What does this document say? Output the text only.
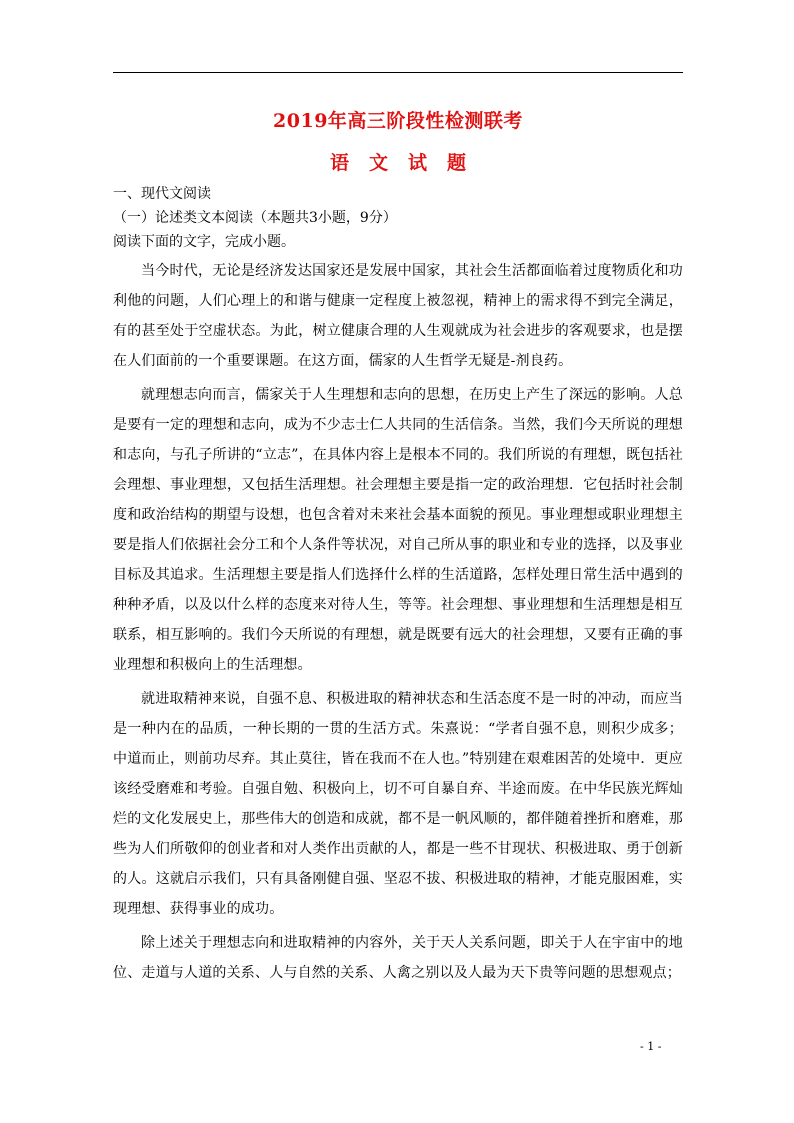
2019年高三阶段性检测联考
语文试题
一、现代文阅读
（一）论述类文本阅读（本题共3小题，9分）
阅读下面的文字，完成小题。

当今时代，无论是经济发达国家还是发展中国家，其社会生活都面临着过度物质化和功利他的问题，人们心理上的和谐与健康一定程度上被忽视，精神上的需求得不到完全满足，有的甚至处于空虚状态。为此，树立健康合理的人生观就成为社会进步的客观要求，也是摆在人们面前的一个重要课题。在这方面，儒家的人生哲学无疑是-剂良药。

就理想志向而言，儒家关于人生理想和志向的思想，在历史上产生了深远的影响。人总是要有一定的理想和志向，成为不少志士仁人共同的生活信条。当然，我们今天所说的理想和志向，与孔子所讲的“立志”，在具体内容上是根本不同的。我们所说的有理想，既包括社会理想、事业理想，又包括生活理想。社会理想主要是指一定的政治理想．它包括时社会制度和政治结构的期望与设想，也包含着对未来社会基本面貌的预见。事业理想或职业理想主要是指人们依据社会分工和个人条件等状况，对自己所从事的职业和专业的选择，以及事业目标及其追求。生活理想主要是指人们选择什么样的生活道路，怎样处理日常生活中遇到的种种矛盾，以及以什么样的态度来对待人生，等等。社会理想、事业理想和生活理想是相互联系，相互影响的。我们今天所说的有理想，就是既要有远大的社会理想，又要有正确的事业理想和积极向上的生活理想。

就进取精神来说，自强不息、积极进取的精神状态和生活态度不是一时的冲动，而应当是一种内在的品质，一种长期的一贯的生活方式。朱熹说：“学者自强不息，则积少成多；中道而止，则前功尽弃。其止莫往，皆在我而不在人也。”特别建在艰难困苦的处境中．更应该经受磨难和考验。自强自勉、积极向上，切不可自暴自弃、半途而废。在中华民族光辉灿烂的文化发展史上，那些伟大的创造和成就，都不是一帆风顺的，都伴随着挫折和磨难，那些为人们所敬仰的创业者和对人类作出贡献的人，都是一些不甘现状、积极进取、勇于创新的人。这就启示我们，只有具备刚健自强、坚忍不拔、积极进取的精神，才能克服困难，实现理想、获得事业的成功。

除上述关于理想志向和进取精神的内容外，关于天人关系问题，即关于人在宇宙中的地位、走道与人道的关系、人与自然的关系、人禽之别以及人最为天下贵等问题的思想观点；

- 1 -
